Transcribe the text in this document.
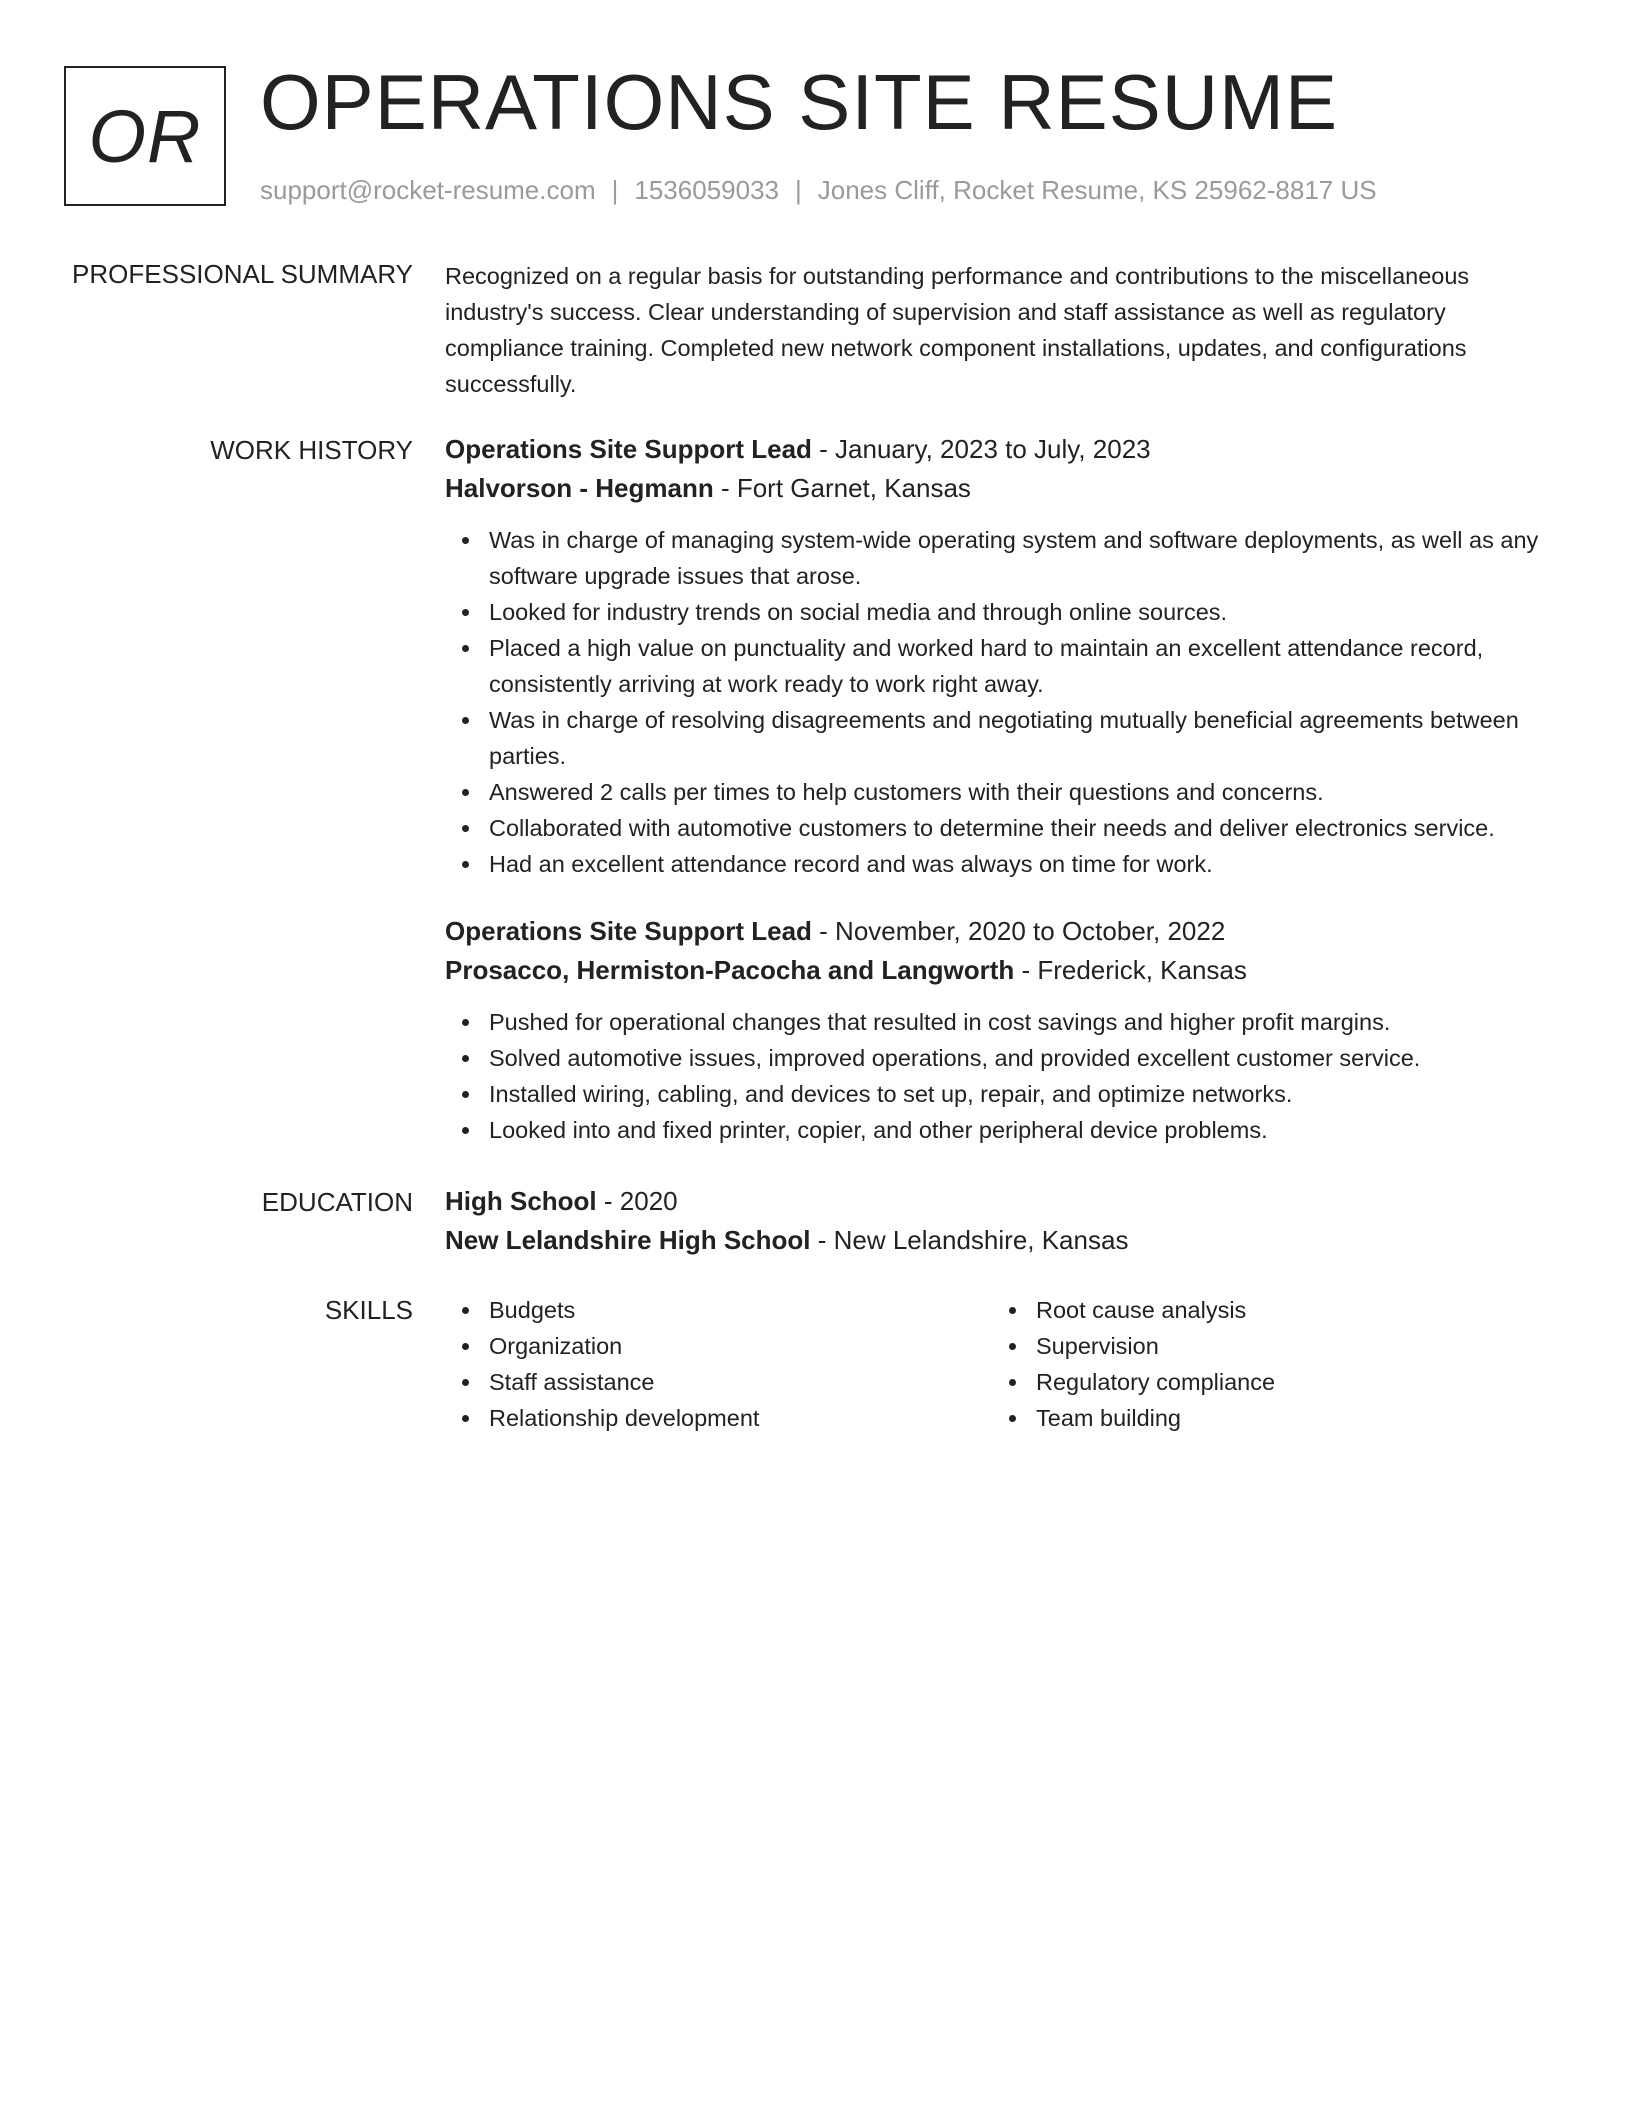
OR OPERATIONS SITE RESUME
support@rocket-resume.com | 1536059033 | Jones Cliff, Rocket Resume, KS 25962-8817 US
PROFESSIONAL SUMMARY Recognized on a regular basis for outstanding performance and contributions to the miscellaneous industry's success. Clear understanding of supervision and staff assistance as well as regulatory compliance training. Completed new network component installations, updates, and configurations successfully.
WORK HISTORY Operations Site Support Lead - January, 2023 to July, 2023
Halvorson - Hegmann - Fort Garnet, Kansas
Was in charge of managing system-wide operating system and software deployments, as well as any software upgrade issues that arose.
Looked for industry trends on social media and through online sources.
Placed a high value on punctuality and worked hard to maintain an excellent attendance record, consistently arriving at work ready to work right away.
Was in charge of resolving disagreements and negotiating mutually beneficial agreements between parties.
Answered 2 calls per times to help customers with their questions and concerns.
Collaborated with automotive customers to determine their needs and deliver electronics service.
Had an excellent attendance record and was always on time for work.
Operations Site Support Lead - November, 2020 to October, 2022
Prosacco, Hermiston-Pacocha and Langworth - Frederick, Kansas
Pushed for operational changes that resulted in cost savings and higher profit margins.
Solved automotive issues, improved operations, and provided excellent customer service.
Installed wiring, cabling, and devices to set up, repair, and optimize networks.
Looked into and fixed printer, copier, and other peripheral device problems.
EDUCATION High School - 2020
New Lelandshire High School - New Lelandshire, Kansas
SKILLS	Budgets
Organization
Staff assistance
Relationship development
Root cause analysis
Supervision
Regulatory compliance
Team building
